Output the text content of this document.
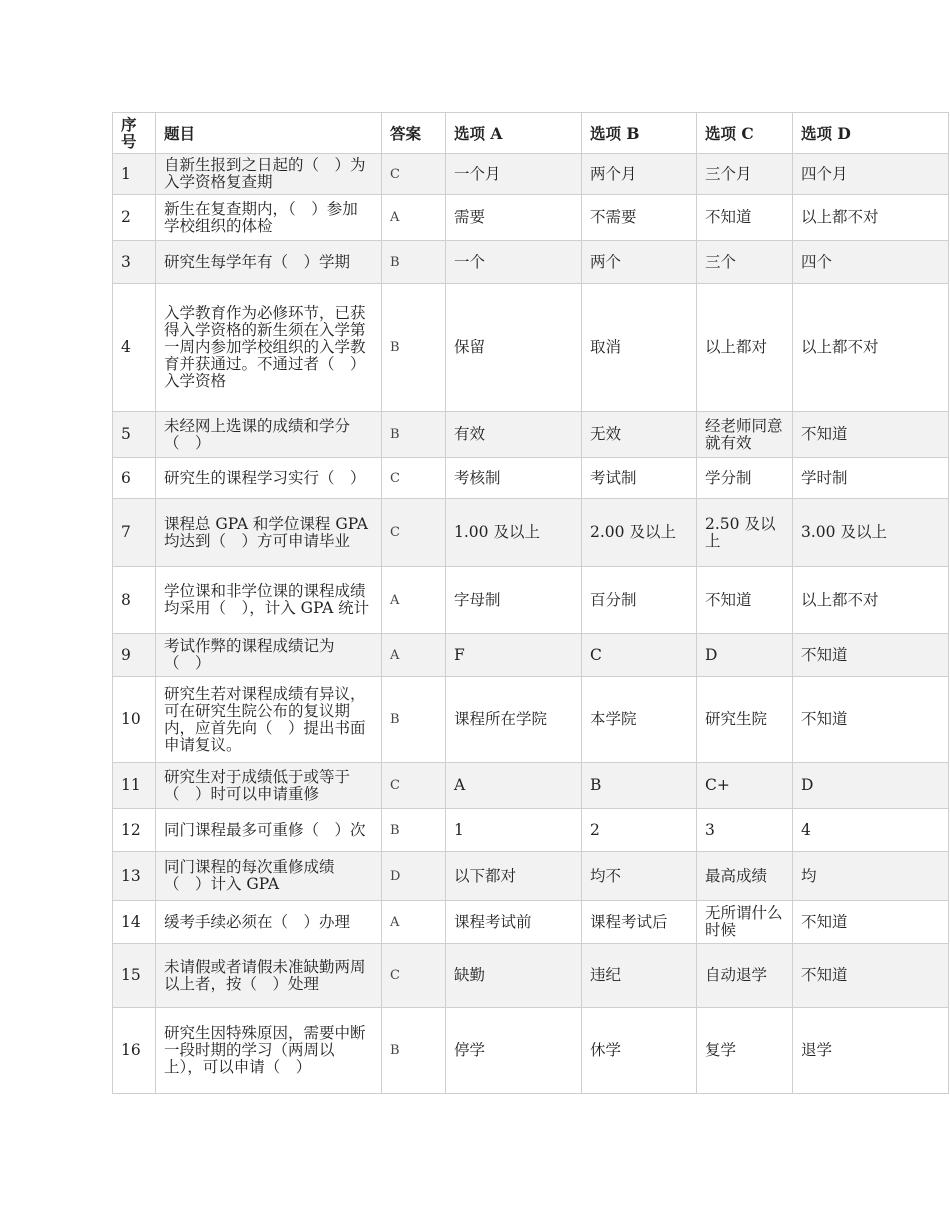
序号	题目	答案	选项 A	选项 B	选项 C	选项 D
1	自新生报到之日起的（　）为入学资格复查期	C	一个月	两个月	三个月	四个月
2	新生在复查期内，（　）参加学校组织的体检	A	需要	不需要	不知道	以上都不对
3	研究生每学年有（　）学期	B	一个	两个	三个	四个
4	入学教育作为必修环节，已获得入学资格的新生须在入学第一周内参加学校组织的入学教育并获通过。不通过者（　）入学资格	B	保留	取消	以上都对	以上都不对
5	未经网上选课的成绩和学分（　）	B	有效	无效	经老师同意就有效	不知道
6	研究生的课程学习实行（　）	C	考核制	考试制	学分制	学时制
7	课程总 GPA 和学位课程 GPA 均达到（　）方可申请毕业	C	1.00 及以上	2.00 及以上	2.50 及以上	3.00 及以上
8	学位课和非学位课的课程成绩均采用（　），计入 GPA 统计	A	字母制	百分制	不知道	以上都不对
9	考试作弊的课程成绩记为（　）	A	F	C	D	不知道
10	研究生若对课程成绩有异议，可在研究生院公布的复议期内，应首先向（　）提出书面申请复议。	B	课程所在学院	本学院	研究生院	不知道
11	研究生对于成绩低于或等于（　）时可以申请重修	C	A	B	C+	D
12	同门课程最多可重修（　）次	B	1	2	3	4
13	同门课程的每次重修成绩（　）计入 GPA	D	以下都对	均不	最高成绩	均
14	缓考手续必须在（　）办理	A	课程考试前	课程考试后	无所谓什么时候	不知道
15	未请假或者请假未准缺勤两周以上者，按（　）处理	C	缺勤	违纪	自动退学	不知道
16	研究生因特殊原因，需要中断一段时期的学习（两周以上），可以申请（　）	B	停学	休学	复学	退学
